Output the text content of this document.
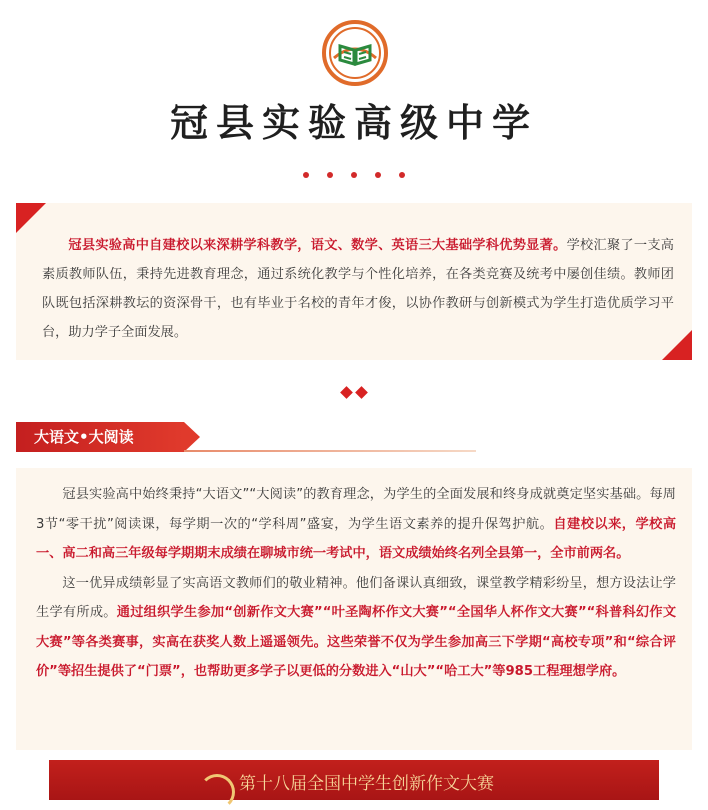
冠县实验高级中学
冠县实验高中自建校以来深耕学科教学，语文、数学、英语三大基础学科优势显著。学校汇聚了一支高素质教师队伍，秉持先进教育理念，通过系统化教学与个性化培养，在各类竞赛及统考中屡创佳绩。教师团队既包括深耕教坛的资深骨干，也有毕业于名校的青年才俊，以协作教研与创新模式为学生打造优质学习平台，助力学子全面发展。
大语文•大阅读

冠县实验高中始终秉持“大语文”“大阅读”的教育理念，为学生的全面发展和终身成就奠定坚实基础。每周3节“零干扰”阅读课，每学期一次的“学科周”盛宴，为学生语文素养的提升保驾护航。自建校以来，学校高一、高二和高三年级每学期期末成绩在聊城市统一考试中，语文成绩始终名列全县第一，全市前两名。

这一优异成绩彰显了实高语文教师们的敬业精神。他们备课认真细致，课堂教学精彩纷呈，想方设法让学生学有所成。通过组织学生参加“创新作文大赛”“叶圣陶杯作文大赛”“全国华人杯作文大赛”“科普科幻作文大赛”等各类赛事，实高在获奖人数上遥遥领先。这些荣誉不仅为学生参加高三下学期“高校专项”和“综合评价”等招生提供了“门票”，也帮助更多学子以更低的分数进入“山大”“哈工大”等985工程理想学府。

第十八届全国中学生创新作文大赛
